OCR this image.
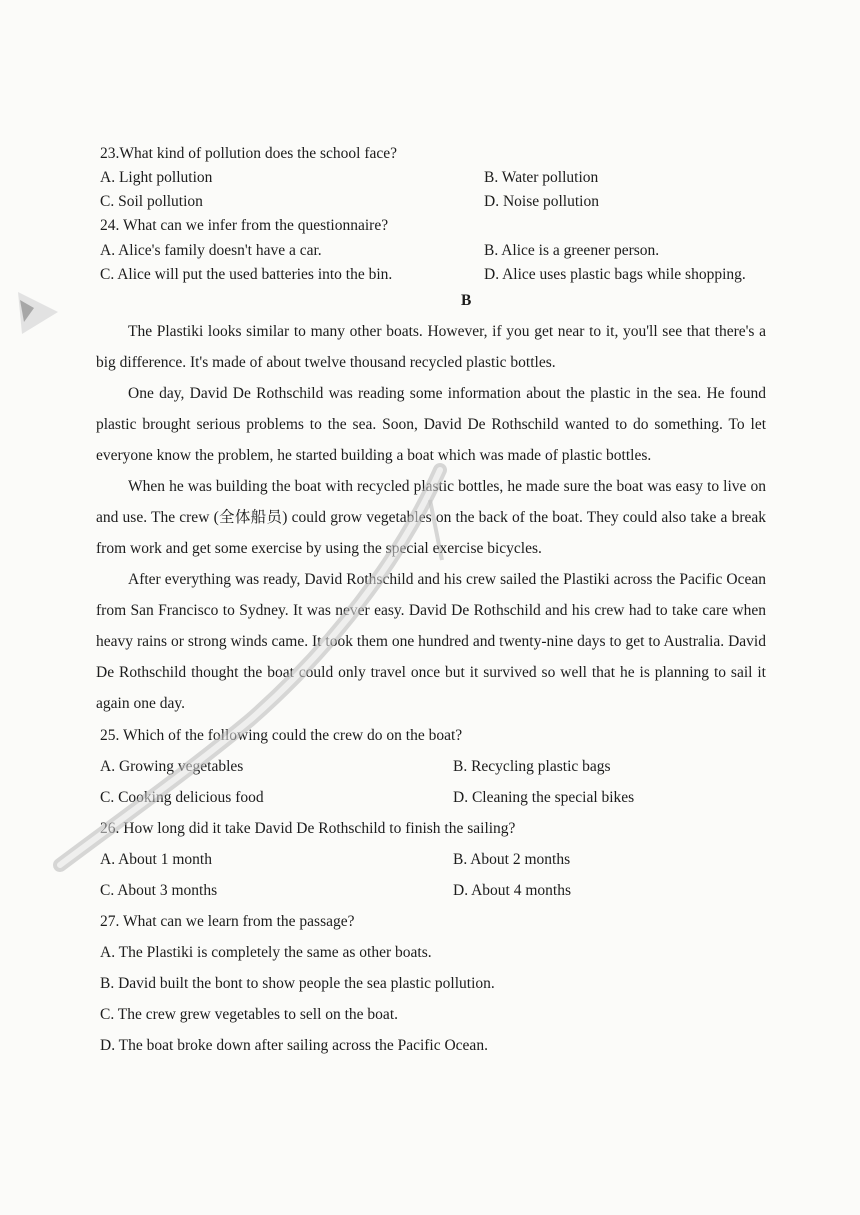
23.What kind of pollution does the school face?
A. Light pollution	B. Water pollution
C. Soil pollution	D. Noise pollution
24. What can we infer from the questionnaire?
A. Alice's family doesn't have a car.	B. Alice is a greener person.
C. Alice will put the used batteries into the bin.	D. Alice uses plastic bags while shopping.
B

The Plastiki looks similar to many other boats. However, if you get near to it, you'll see that there's a big difference. It's made of about twelve thousand recycled plastic bottles.

One day, David De Rothschild was reading some information about the plastic in the sea. He found plastic brought serious problems to the sea. Soon, David De Rothschild wanted to do something. To let everyone know the problem, he started building a boat which was made of plastic bottles.

When he was building the boat with recycled plastic bottles, he made sure the boat was easy to live on and use. The crew (全体船员) could grow vegetables on the back of the boat. They could also take a break from work and get some exercise by using the special exercise bicycles.

After everything was ready, David Rothschild and his crew sailed the Plastiki across the Pacific Ocean from San Francisco to Sydney. It was never easy. David De Rothschild and his crew had to take care when heavy rains or strong winds came. It took them one hundred and twenty-nine days to get to Australia. David De Rothschild thought the boat could only travel once but it survived so well that he is planning to sail it again one day.

25. Which of the following could the crew do on the boat?
A. Growing vegetables	B. Recycling plastic bags
C. Cooking delicious food	D. Cleaning the special bikes
26. How long did it take David De Rothschild to finish the sailing?
A. About 1 month	B. About 2 months
C. About 3 months	D. About 4 months
27. What can we learn from the passage?
A. The Plastiki is completely the same as other boats.
B. David built the bont to show people the sea plastic pollution.
C. The crew grew vegetables to sell on the boat.
D. The boat broke down after sailing across the Pacific Ocean.
